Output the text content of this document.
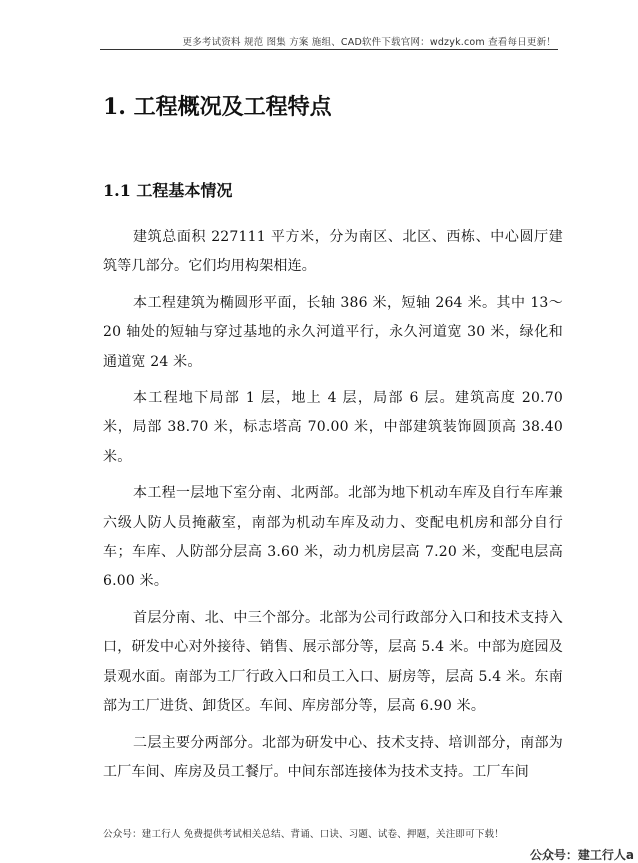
更多考试资料 规范 图集 方案 施组、CAD软件下载官网：wdzyk.com 查看每日更新！
1. 工程概况及工程特点
1.1 工程基本情况

建筑总面积 227111 平方米，分为南区、北区、西栋、中心圆厅建筑等几部分。它们均用构架相连。

本工程建筑为椭圆形平面，长轴 386 米，短轴 264 米。其中 13～20 轴处的短轴与穿过基地的永久河道平行，永久河道宽 30 米，绿化和通道宽 24 米。

本工程地下局部 1 层，地上 4 层，局部 6 层。建筑高度 20.70 米，局部 38.70 米，标志塔高 70.00 米，中部建筑装饰圆顶高 38.40 米。

本工程一层地下室分南、北两部。北部为地下机动车库及自行车库兼六级人防人员掩蔽室，南部为机动车库及动力、变配电机房和部分自行车；车库、人防部分层高 3.60 米，动力机房层高 7.20 米，变配电层高 6.00 米。

首层分南、北、中三个部分。北部为公司行政部分入口和技术支持入口，研发中心对外接待、销售、展示部分等，层高 5.4 米。中部为庭园及景观水面。南部为工厂行政入口和员工入口、厨房等，层高 5.4 米。东南部为工厂进货、卸货区。车间、库房部分等，层高 6.90 米。

二层主要分两部分。北部为研发中心、技术支持、培训部分，南部为工厂车间、库房及员工餐厅。中间东部连接体为技术支持。工厂车间

公众号：建工行人 免费提供考试相关总结、背诵、口诀、习题、试卷、押题，关注即可下载！
公众号：建工行人a
